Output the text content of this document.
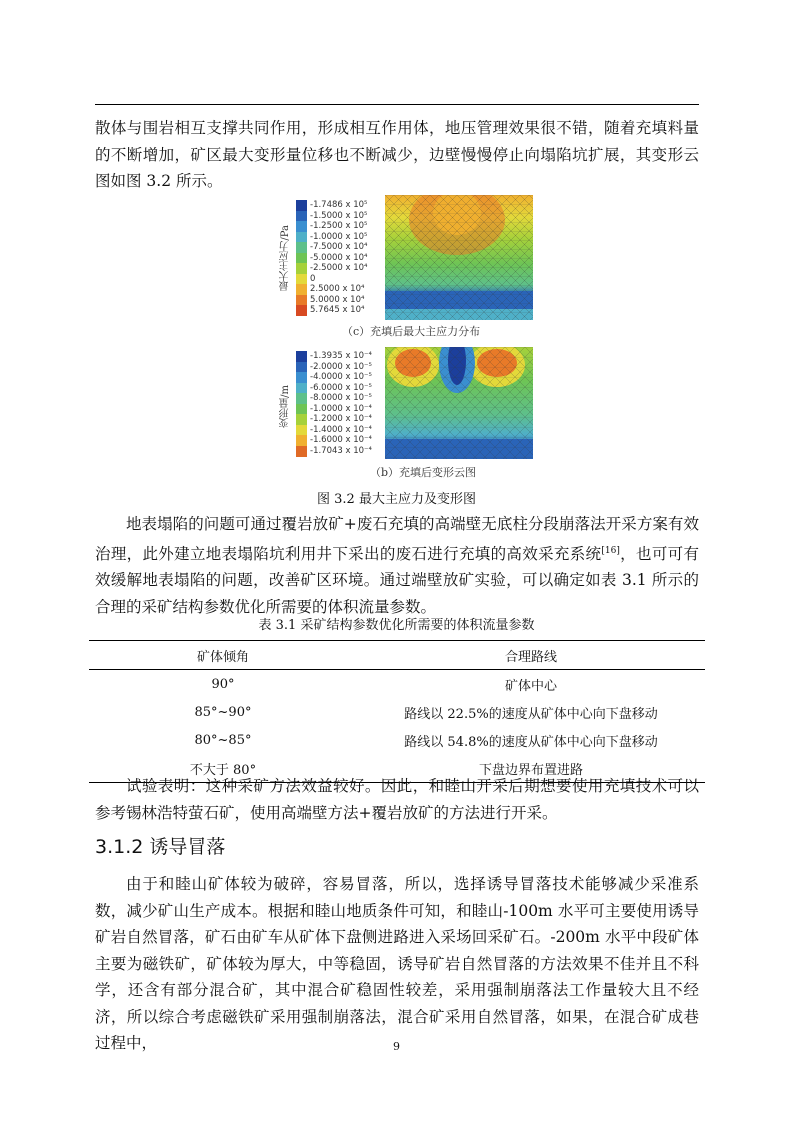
散体与围岩相互支撑共同作用，形成相互作用体，地压管理效果很不错，随着充填料量的不断增加，矿区最大变形量位移也不断减少，边壁慢慢停止向塌陷坑扩展，其变形云图如图 3.2 所示。

最大主应力/Pa
-1.7486 x 10⁵
-1.5000 x 10⁵
-1.2500 x 10⁵
-1.0000 x 10⁵
-7.5000 x 10⁴
-5.0000 x 10⁴
-2.5000 x 10⁴
0
2.5000 x 10⁴
5.0000 x 10⁴
5.7645 x 10⁴
（c）充填后最大主应力分布
变形量/m
-1.3935 x 10⁻⁴
-2.0000 x 10⁻⁵
-4.0000 x 10⁻⁵
-6.0000 x 10⁻⁵
-8.0000 x 10⁻⁵
-1.0000 x 10⁻⁴
-1.2000 x 10⁻⁴
-1.4000 x 10⁻⁴
-1.6000 x 10⁻⁴
-1.7043 x 10⁻⁴
（b）充填后变形云图
图 3.2 最大主应力及变形图

地表塌陷的问题可通过覆岩放矿+废石充填的高端壁无底柱分段崩落法开采方案有效治理，此外建立地表塌陷坑利用井下采出的废石进行充填的高效采充系统[16]，也可可有效缓解地表塌陷的问题，改善矿区环境。通过端壁放矿实验，可以确定如表 3.1 所示的合理的采矿结构参数优化所需要的体积流量参数。

表 3.1 采矿结构参数优化所需要的体积流量参数
矿体倾角	合理路线
90°	矿体中心
85°~90°	路线以 22.5%的速度从矿体中心向下盘移动
80°~85°	路线以 54.8%的速度从矿体中心向下盘移动
不大于 80°	下盘边界布置进路

试验表明：这种采矿方法效益较好。因此，和睦山开采后期想要使用充填技术可以参考锡林浩特萤石矿，使用高端壁方法+覆岩放矿的方法进行开采。

3.1.2 诱导冒落

由于和睦山矿体较为破碎，容易冒落，所以，选择诱导冒落技术能够减少采准系数，减少矿山生产成本。根据和睦山地质条件可知，和睦山-100m 水平可主要使用诱导矿岩自然冒落，矿石由矿车从矿体下盘侧进路进入采场回采矿石。-200m 水平中段矿体主要为磁铁矿，矿体较为厚大，中等稳固，诱导矿岩自然冒落的方法效果不佳并且不科学，还含有部分混合矿，其中混合矿稳固性较差，采用强制崩落法工作量较大且不经济，所以综合考虑磁铁矿采用强制崩落法，混合矿采用自然冒落，如果，在混合矿成巷过程中，	9
